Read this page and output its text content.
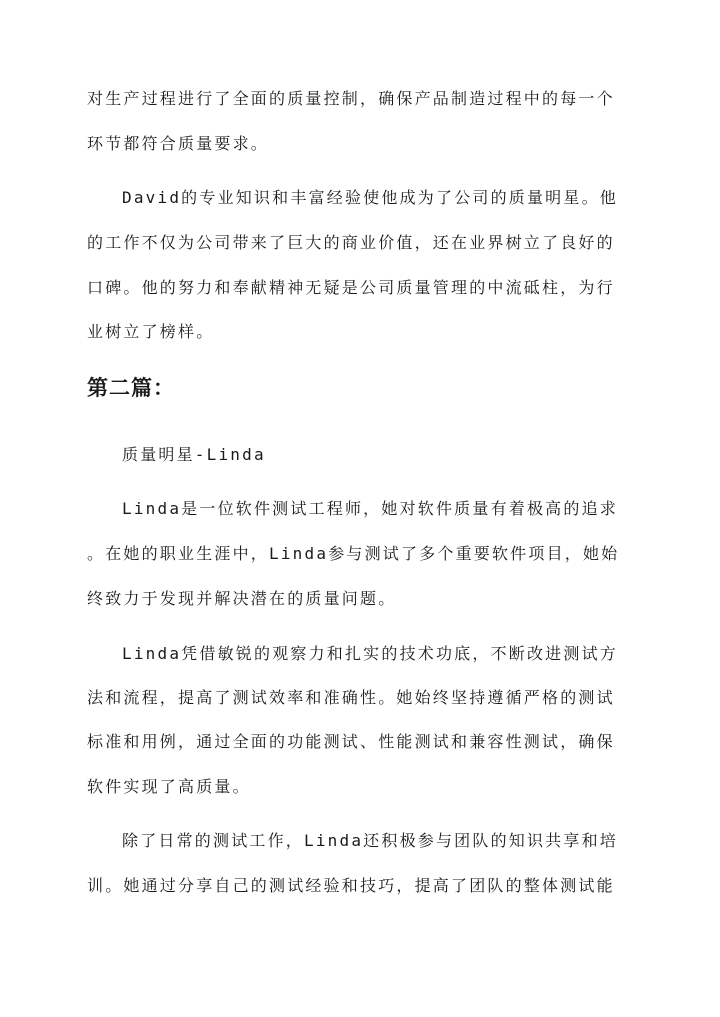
对生产过程进行了全面的质量控制，确保产品制造过程中的每一个
环节都符合质量要求。
David的专业知识和丰富经验使他成为了公司的质量明星。他
的工作不仅为公司带来了巨大的商业价值，还在业界树立了良好的
口碑。他的努力和奉献精神无疑是公司质量管理的中流砥柱，为行
业树立了榜样。
第二篇：
质量明星-Linda
Linda是一位软件测试工程师，她对软件质量有着极高的追求
。在她的职业生涯中，Linda参与测试了多个重要软件项目，她始
终致力于发现并解决潜在的质量问题。
Linda凭借敏锐的观察力和扎实的技术功底，不断改进测试方
法和流程，提高了测试效率和准确性。她始终坚持遵循严格的测试
标准和用例，通过全面的功能测试、性能测试和兼容性测试，确保
软件实现了高质量。
除了日常的测试工作，Linda还积极参与团队的知识共享和培
训。她通过分享自己的测试经验和技巧，提高了团队的整体测试能
